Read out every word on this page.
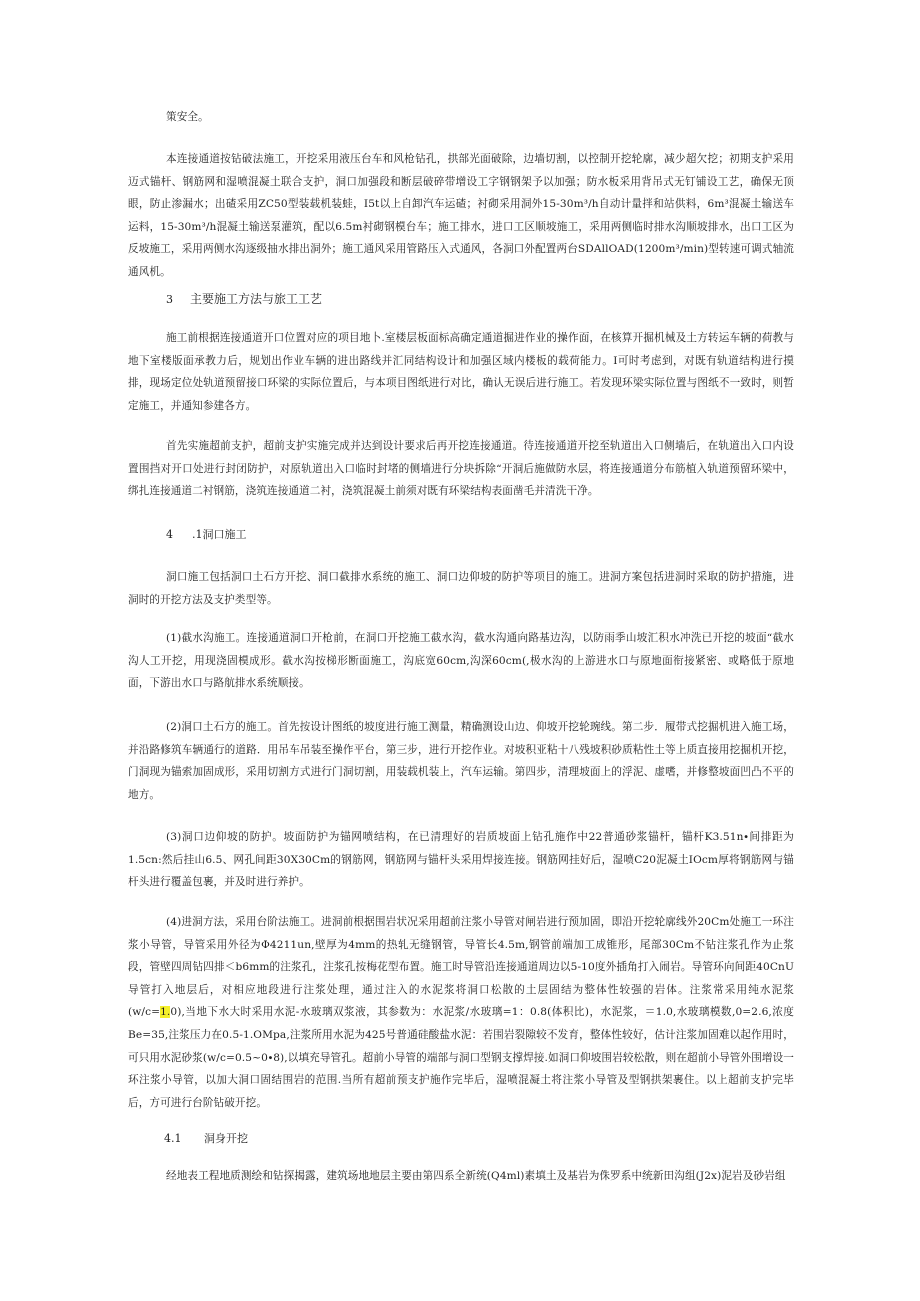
策安全。

本连接通道按钻破法施工，开挖采用液压台车和风枪钻孔，拱部光面破除，边墙切割，以控制开挖轮廓，减少超欠挖；初期支护采用迈式锚杆、钢筋网和湿喷混凝土联合支护，洞口加强段和断层破碎带增设工字钢钢架予以加强；防水板采用背吊式无钉铺设工艺，确保无顶眼，防止渗漏水；出碴采用ZC50型装载机装蛙，I5t以上自卸汽车运碴；衬砌采用洞外15-30m³/h自动计量拌和站供料，6m³混凝土输送车运料，15-30m³/h混凝土输送泵灌筑，配以6.5m衬砌钢模台车；施工排水，进口工区顺坡施工，采用两侧临时排水沟顺坡排水，出口工区为反坡施工，采用两侧水沟逐级抽水排出洞外；施工通风采用管路压入式通风，各洞口外配置两台SDAllOAD(1200m³/min)型转速可调式轴流通风机。

3 主要施工方法与旅工工艺

施工前根据连接通道开口位置对应的项目地卜.室楼层板面标高确定通道掘进作业的操作面，在核算开掘机械及土方转运车辆的荷教与地下室楼版面承教力后，规划出作业车辆的进出路线并汇同结构设计和加强区域内楼板的载荷能力。I可时考虑到，对既有轨道结构进行摸排，现场定位处轨道预留接口环梁的实际位置后，与本项目图纸进行对比，确认无误后进行施工。若发现环梁实际位置与图纸不一致时，则暂定施工，并通知参建各方。

首先实施超前支护，超前支护实施完成并达到设计要求后再开挖连接通道。待连接通道开挖至轨道出入口侧墙后，在轨道出入口内设置围挡对开口处进行封闭防护，对原轨道出入口临时封堵的侧墙进行分块拆除“开洞后施做防水层，将连接通道分布筋植入轨道预留环梁中，绑扎连接通道二衬钢筋，浇筑连接通道二衬，浇筑混凝土前须对既有环梁结构表面凿毛并清洗干净。

4 .1洞口施工

洞口施工包括洞口土石方开挖、洞口截排水系统的施工、洞口边仰坡的防护等项目的施工。进洞方案包括进洞时采取的防护措施，进洞时的开挖方法及支护类型等。

(1)截水沟施工。连接通道洞口开枪前，在洞口开挖施工截水沟，截水沟通向路基边沟，以防雨季山坡汇积水冲洗已开挖的坡面“截水沟人工开挖，用现浇固模成形。截水沟按梯形断面施工，沟底宽60cm,沟深60cm(,极水沟的上游进水口与原地面衔接紧密、或略低于原地面，下游出水口与路航排水系统顺接。

(2)洞口土石方的施工。首先按设计图纸的坡度进行施工测量，精确测设山边、仰坡开挖轮琬线。第二步．履带式挖掘机进入施工场，并沿路修筑车辆通行的道路．用吊车吊装至操作平台，第三步，进行开挖作业。对坡积亚粘十八残坡积砂质粘性土等上质直接用挖掘机开挖，门洞现为锚索加固成形，采用切割方式进行门洞切割，用装载机装上，汽车运输。第四步，清理坡面上的浮泥、虚嗜，并修整坡面凹凸不平的地方。

(3)洞口边仰坡的防护。坡面防护为锚网喷结构，在已清理好的岩质坡面上钻孔施作中22普通砂浆锚杆，锚杆K3.51n∙间排距为1.5cn:然后挂山6.5、网孔间距30X30Cm的钢筋网，钢筋网与锚杆头采用焊接连接。钢筋网挂好后，湿喷C20泥凝土IOcm厚将钢筋网与锚杆头进行覆盖包裹，并及时进行养护。

(4)进洞方法，采用台阶法施工。进洞前根据围岩状况采用超前注浆小导管对闸岩进行预加固，即沿开挖轮廓线外20Cm处施工一环注浆小导管，导管采用外径为Φ4211un,壁厚为4mm的热轧无缝钢管，导管长4.5m,钢管前端加工成锥形，尾部30Cm不钻注浆孔作为止浆段，管壁四周钻四排＜b6mm的注浆孔，注浆孔按梅花型布置。施工时导管沿连接通道周边以5-10度外插角打入闹岩。导管环向间距40CnU导管打入地层后，对相应地段进行注浆处理，通过注入的水泥浆将洞口松散的土层固结为整体性较强的岩体。注浆常采用纯水泥浆(w∕c=1.0),当地下水大时采用水泥-水玻璃双浆液，其参数为：水泥浆/水玻璃=1：0.8(体积比)，水泥浆，＝1.0,水玻璃模数,0=2.6,浓度Be=35,注浆压力在0.5-1.OMpa,注浆所用水泥为425号普通硅酸盐水泥：若围岩裂隙较不发育，整体性较好，估计注浆加固难以起作用时，可只用水泥砂浆(w∕c=0.5~0∙8),以填充导管孔。超前小导管的端部与洞口型钢支撑焊接.如洞口仰坡围岩较松散，则在超前小导管外围增设一环注浆小导管，以加大洞口固结围岩的范围.当所有超前预支护施作完毕后，湿喷混凝土将注浆小导管及型钢拱架裹住。以上超前支护完毕后，方可进行台阶钻破开挖。

4.1 洞身开挖

经地表工程地质测绘和钻探揭露，建筑场地地层主要由第四系全新统(Q4ml)素填土及基岩为侏罗系中统新田沟组(J2x)泥岩及砂岩组
